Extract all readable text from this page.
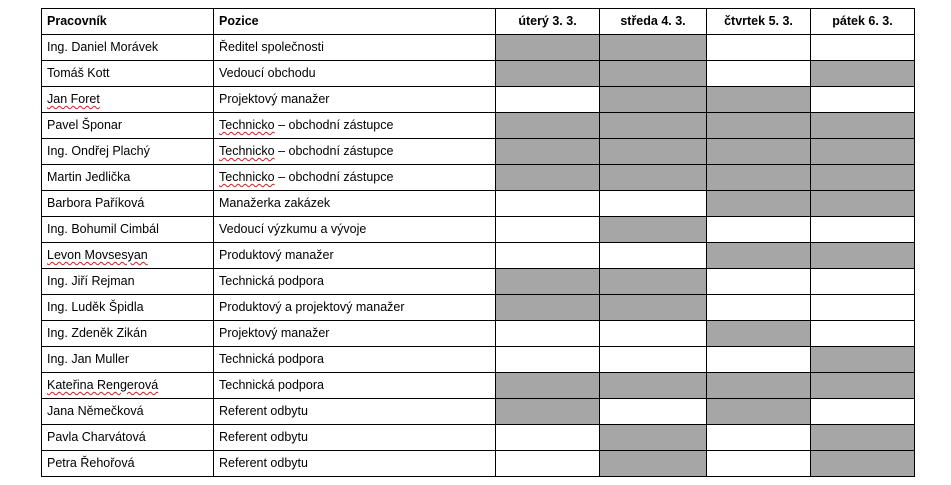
Pracovník	Pozice	úterý 3. 3.	středa 4. 3.	čtvrtek 5. 3.	pátek 6. 3.
Ing. Daniel Morávek	Ředitel společnosti				
Tomáš Kott	Vedoucí obchodu				
Jan Foret	Projektový manažer				
Pavel Šponar	Technicko – obchodní zástupce				
Ing. Ondřej Plachý	Technicko – obchodní zástupce				
Martin Jedlička	Technicko – obchodní zástupce				
Barbora Paříková	Manažerka zakázek				
Ing. Bohumil Cimbál	Vedoucí výzkumu a vývoje				
Levon Movsesyan	Produktový manažer				
Ing. Jiří Rejman	Technická podpora				
Ing. Luděk Špidla	Produktový a projektový manažer				
Ing. Zdeněk Zikán	Projektový manažer				
Ing. Jan Muller	Technická podpora				
Kateřina Rengerová	Technická podpora				
Jana Němečková	Referent odbytu				
Pavla Charvátová	Referent odbytu				
Petra Řehořová	Referent odbytu				
